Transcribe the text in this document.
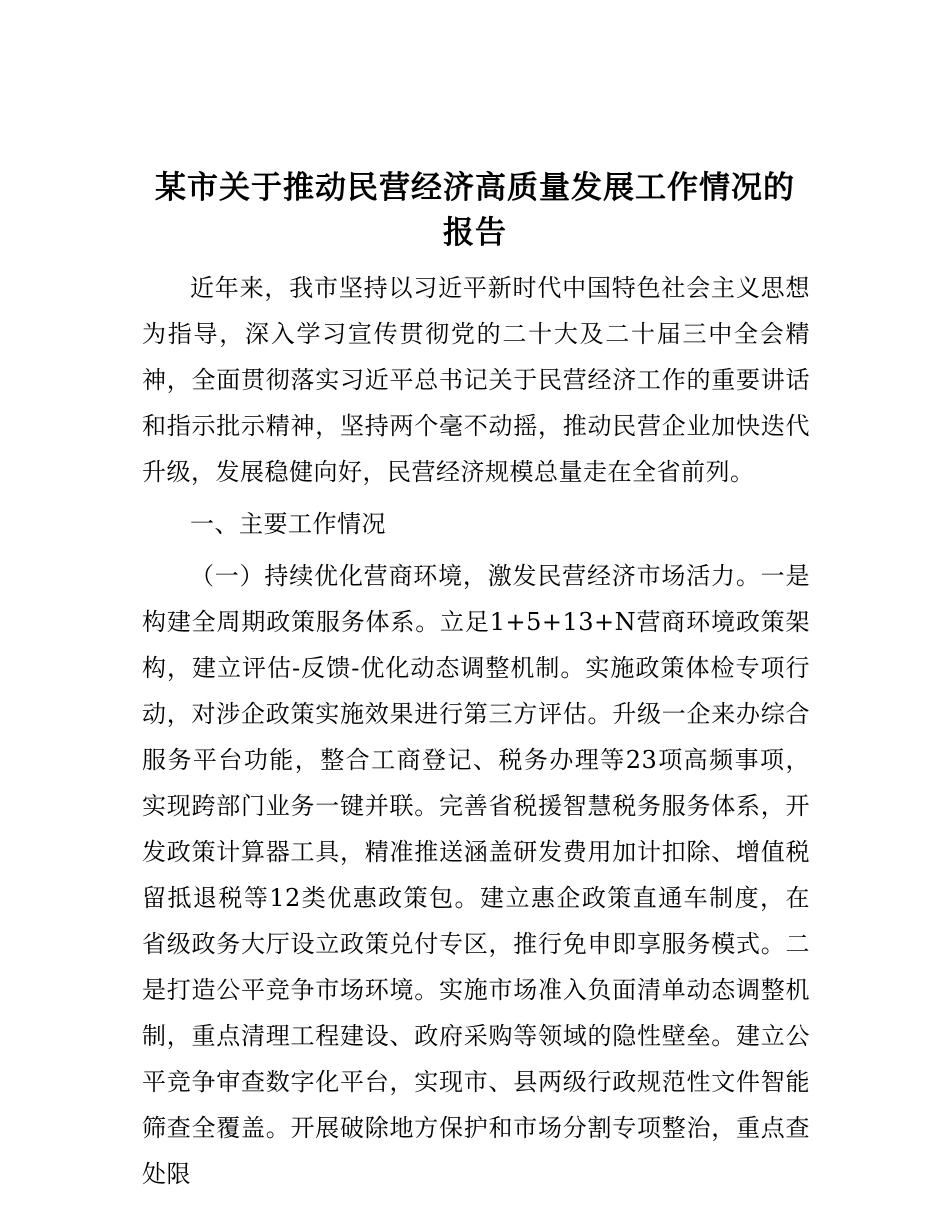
某市关于推动民营经济高质量发展工作情况的报告

近年来，我市坚持以习近平新时代中国特色社会主义思想为指导，深入学习宣传贯彻党的二十大及二十届三中全会精神，全面贯彻落实习近平总书记关于民营经济工作的重要讲话和指示批示精神，坚持两个毫不动摇，推动民营企业加快迭代升级，发展稳健向好，民营经济规模总量走在全省前列。

一、主要工作情况

（一）持续优化营商环境，激发民营经济市场活力。一是构建全周期政策服务体系。立足1+5+13+N营商环境政策架构，建立评估-反馈-优化动态调整机制。实施政策体检专项行动，对涉企政策实施效果进行第三方评估。升级一企来办综合服务平台功能，整合工商登记、税务办理等23项高频事项，实现跨部门业务一键并联。完善省税援智慧税务服务体系，开发政策计算器工具，精准推送涵盖研发费用加计扣除、增值税留抵退税等12类优惠政策包。建立惠企政策直通车制度，在省级政务大厅设立政策兑付专区，推行免申即享服务模式。二是打造公平竞争市场环境。实施市场准入负面清单动态调整机制，重点清理工程建设、政府采购等领域的隐性壁垒。建立公平竞争审查数字化平台，实现市、县两级行政规范性文件智能筛查全覆盖。开展破除地方保护和市场分割专项整治，重点查处限
